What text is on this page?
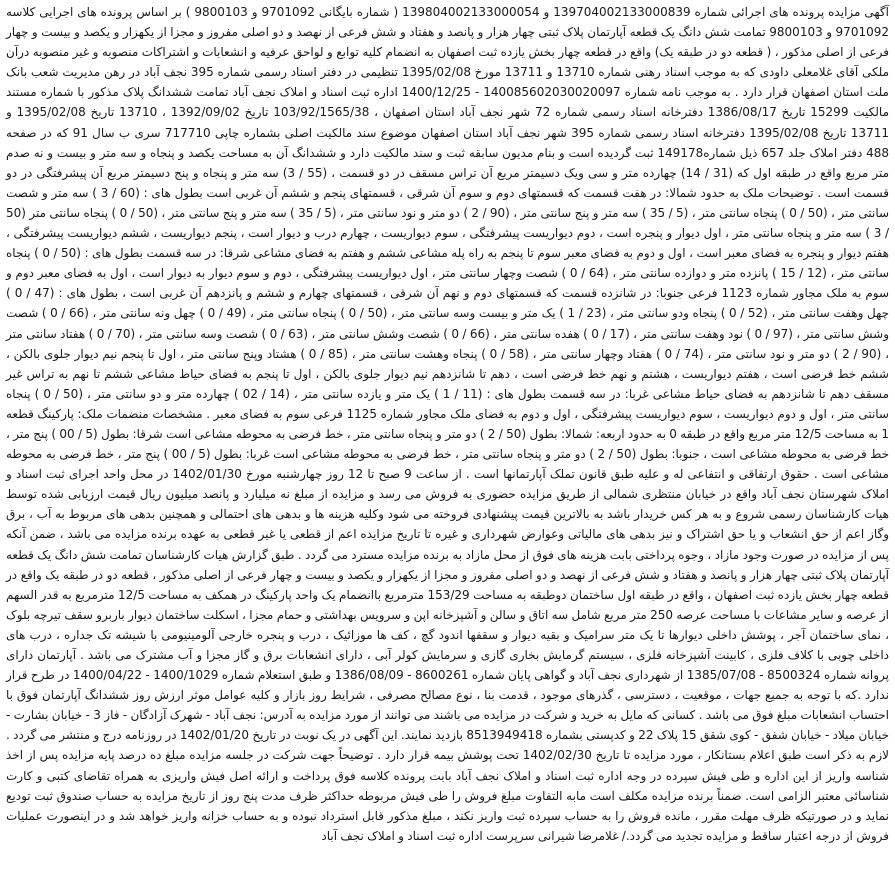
آگهی مزایده پرونده های اجرائی شماره 13970400213300083‌9 و 139804002133000054 ( شماره بایگانی 9701092 و 9800103 ) بر اساس پرونده های اجرایی کلاسه 9701092 و 9800103 تمامت شش دانگ یک قطعه آپارتمان پلاک ثبتی چهار هزار و پانصد و هفتاد و شش فرعی از نهصد و دو اصلی مفروز و مجزا از یکهزار و یکصد و بیست و چهار فرعی از اصلی مذکور ، ( قطعه دو در طبقه یک) واقع در قطعه چهار بخش یازده ثبت اصفهان به انضمام کلیه توابع و لواحق عرفیه و انشعابات و اشتراکات منصوبه و غیر منصوبه درآن ملکی آقای غلامعلی داودی که به موجب اسناد رهنی شماره 13710 و 13711 مورخ 1395/02/08 تنظیمی در دفتر اسناد رسمی شماره 395 نجف آباد در رهن مدیریت شعب بانک ملت استان اصفهان قرار دارد . به موجب نامه شماره 140085602030020097 - 1400/12/25 اداره ثبت اسناد و املاک نجف آباد تمامت ششدانگ پلاک مذکور با شماره مستند مالکیت 15299 تاریخ 1386/08/17 دفترخانه اسناد رسمی شماره 72 شهر نجف آباد استان اصفهان ، 103/92/1565/38 تاریخ 1392/09/02 ، 13710 تاریخ 1395/02/08 و 13711 تاریخ 1395/02/08 دفترخانه اسناد رسمی شماره 395 شهر نجف آباد استان اصفهان موضوع سند مالکیت اصلی بشماره چاپی 717710 سری ب سال 91 که در صفحه 488 دفتر املاک جلد 657 ذیل شماره149178 ثبت گردیده است و بنام مدیون سابقه ثبت و سند مالکیت دارد و ششدانگ آن به مساحت یکصد و پنجاه و سه متر و بیست و نه صدم متر مربع واقع در طبقه اول که (31 / 14) چهارده متر و سی ویک دسیمتر مربع آن تراس مسقف در دو قسمت ، (55 / 3) سه متر و پنجاه و پنج دسیمتر مربع آن پیشرفتگی در دو قسمت است . توضیحات ملک به حدود شمالا: در هفت قسمت که قسمتهای دوم و سوم آن شرقی ، قسمتهای پنجم و ششم آن غربی است بطول های : (60 / 3 ) سه متر و شصت سانتی متر ، (50 / 0 ) پنجاه سانتی متر ، (5 / 35 ) سه متر و پنج سانتی متر ، (90 / 2 ) دو متر و نود سانتی متر ، (5 / 35 ) سه متر و پنج سانتی متر ، (50 / 0 ) پنجاه سانتی متر (50 / 3 ) سه متر و پنجاه سانتی متر ، اول دیوار و پنجره است ، دوم دیواریست پیشرفتگی ، سوم دیواریست ، چهارم درب و دیوار است ، پنجم دیواریست ، ششم دیواریست پیشرفتگی ، هفتم دیوار و پنجره به فضای معبر است ، اول و دوم به فضای معبر سوم تا پنجم به راه پله مشاعی ششم و هفتم به فضای مشاعی شرقا: در سه قسمت بطول های : (50 / 0 ) پنجاه سانتی متر ، (12 / 15 ) پانزده متر و دوازده سانتی متر ، (64 / 0 ) شصت وچهار سانتی متر ، اول دیواریست پیشرفتگی ، دوم و سوم دیوار به دیوار است ، اول به فضای معبر دوم و سوم به ملک مجاور شماره 1123 فرعی جنوبا: در شانزده قسمت که قسمتهای دوم و نهم آن شرقی ، قسمتهای چهارم و ششم و پانزدهم آن غربی است ، بطول های : (47 / 0 ) چهل وهفت سانتی متر ، (52 / 0 ) پنجاه ودو سانتی متر ، (23 / 1 ) یک متر و بیست وسه سانتی متر ، (50 / 0 ) پنجاه سانتی متر ، (49 / 0 ) چهل ونه سانتی متر ، (66 / 0 ) شصت وشش سانتی متر ، (97 / 0 ) نود وهفت سانتی متر ، (17 / 0 ) هفده سانتی متر ، (66 / 0 ) شصت وشش سانتی متر ، (63 / 0 ) شصت وسه سانتی متر ، (70 / 0 ) هفتاد سانتی متر ، (90 / 2 ) دو متر و نود سانتی متر ، (74 / 0 ) هفتاد وچهار سانتی متر ، (58 / 0 ) پنجاه وهشت سانتی متر ، (85 / 0 ) هشتاد وپنج سانتی متر ، اول تا پنجم نیم دیوار جلوی بالکن ، ششم خط فرضی است ، هفتم دیواریست ، هشتم و نهم خط فرضی است ، دهم تا شانزدهم نیم دیوار جلوی بالکن ، اول تا پنجم به فضای حیاط مشاعی ششم تا نهم به تراس غیر مسقف دهم تا شانزدهم به فضای حیاط مشاعی غربا: در سه قسمت بطول های : (11 / 1 ) یک متر و یازده سانتی متر ، (14 / 02 ) چهارده متر و دو سانتی متر ، (50 / 0 ) پنجاه سانتی متر ، اول و دوم دیواریست ، سوم دیواریست پیشرفتگی ، اول و دوم به فضای ملک مجاور شماره 1125 فرعی سوم به فضای معبر . مشخصات منضمات ملک: پارکینگ قطعه 1 به مساحت 12/5 متر مربع واقع در طبقه 0 به حدود اربعه: شمالا: بطول (50 / 2 ) دو متر و پنجاه سانتی متر ، خط فرضی به محوطه مشاعی است شرقا: بطول (5 / 00 ) پنج متر ، خط فرضی به محوطه مشاعی است ، جنوبا: بطول (50 / 2 ) دو متر و پنجاه سانتی متر ، خط فرضی به محوطه مشاعی است غربا: بطول (5 / 00 ) پنج متر ، خط فرضی به محوطه مشاعی است . حقوق ارتفاقی و انتفاعی له و علیه طبق قانون تملک آپارتمانها است . از ساعت 9 صبح تا 12 روز چهارشنبه مورخ 1402/01/30 در محل واحد اجرای ثبت اسناد و املاک شهرستان نجف آباد واقع در خیابان منتظری شمالی از طریق مزایده حضوری به فروش می رسد و مزایده از مبلغ نه میلیارد و پانصد میلیون ریال قیمت ارزیابی شده توسط هیات کارشناسان رسمی شروع و به هر کس خریدار باشد به بالاترین قیمت پیشنهادی فروخته می شود وکلیه هزینه ها و بدهی های احتمالی و همچنین بدهی های مربوط به آب ، برق وگاز اعم از حق انشعاب و یا حق اشتراک و نیز بدهی های مالیاتی وعوارض شهرداری و غیره تا تاریخ مزایده اعم از قطعی یا غیر قطعی به عهده برنده مزایده می باشد ، ضمن آنکه پس از مزایده در صورت وجود مازاد ، وجوه پرداختی بابت هزینه های فوق از محل مازاد به برنده مزایده مسترد می گردد . طبق گزارش هیات کارشناسان تمامت شش دانگ یک قطعه آپارتمان پلاک ثبتی چهار هزار و پانصد و هفتاد و شش فرعی از نهصد و دو اصلی مفروز و مجزا از یکهزار و یکصد و بیست و چهار فرعی از اصلی مذکور ، قطعه دو در طبقه یک واقع در قطعه چهار بخش یازده ثبت اصفهان ، واقع در طبقه اول ساختمان دوطبقه به مساحت 153/29 مترمربع باانضمام یک واحد پارکینگ در همکف به مساحت 12/5 مترمربع به قدر السهم از عرصه و سایر مشاعات با مساحت عرصه 250 متر مربع شامل سه اتاق و سالن و آشپزخانه اپن و سرویس بهداشتی و حمام مجزا ، اسکلت ساختمان دیوار باربرو سقف تیرچه بلوک ، نمای ساختمان آجر ، پوشش داخلی دیوارها تا یک متر سرامیک و بقیه دیوار و سقفها اندود گچ ، کف ها موزائیک ، درب و پنجره خارجی آلومینیومی با شیشه تک جداره ، درب های داخلی چوبی با کلاف فلزی ، کابینت آشپزخانه فلزی ، سیستم گرمایش بخاری گازی و سرمایش کولر آبی ، دارای انشعابات برق و گاز مجزا و آب مشترک می باشد . آپارتمان دارای پروانه شماره 8500324 - 1385/07/08 از شهرداری نجف آباد و گواهی پایان شماره 8600261 - 1386/08/09 و طبق استعلام شماره 1400/1029 - 1400/04/22 در طرح قرار ندارد .که با توجه به جمیع جهات ، موقعیت ، دسترسی ، گذرهای موجود ، قدمت بنا ، نوع مصالح مصرفی ، شرایط روز بازار و کلیه عوامل موثر ارزش روز ششدانگ آپارتمان فوق با احتساب انشعابات مبلغ فوق می باشد . کسانی که مایل به خرید و شرکت در مزایده می باشند می توانند از مورد مزایده به آدرس: نجف آباد - شهرک آزادگان - فاز 3 - خیابان بشارت - خیابان میلاد - خیابان شفق - کوی شقق 15 پلاک 22 و کدپستی بشماره 8513949418 بازدید نمایند. این آگهی در یک نوبت در تاریخ 1402/01/20 در روزنامه درج و منتشر می گردد . لازم به ذکر است طبق اعلام بستانکار ، مورد مزایده تا تاریخ 1402/02/30 تحت پوشش بیمه قرار دارد . توضیحاً جهت شرکت در جلسه مزایده مبلغ ده درصد پایه مزایده پس از اخذ شناسه واریز از این اداره و طی فیش سپرده در وجه اداره ثبت اسناد و املاک نجف آباد بابت پرونده کلاسه فوق پرداخت و ارائه اصل فیش واریزی به همراه تقاضای کتبی و کارت شناسائی معتبر الزامی است. ضمناً برنده مزایده مکلف است مابه التفاوت مبلغ فروش را طی فیش مربوطه حداکثر ظرف مدت پنج روز از تاریخ مزایده به حساب صندوق ثبت تودیع نماید و در صورتیکه ظرف مهلت مقرر ، مانده فروش را به حساب سپرده ثبت واریز نکند ، مبلغ مذکور قابل استرداد نبوده و به حساب خزانه واریز خواهد شد و در اینصورت عملیات فروش از درجه اعتبار ساقط و مزایده تجدید می گردد./ غلامرضا شیرانی سرپرست اداره ثبت اسناد و املاک نجف آباد
